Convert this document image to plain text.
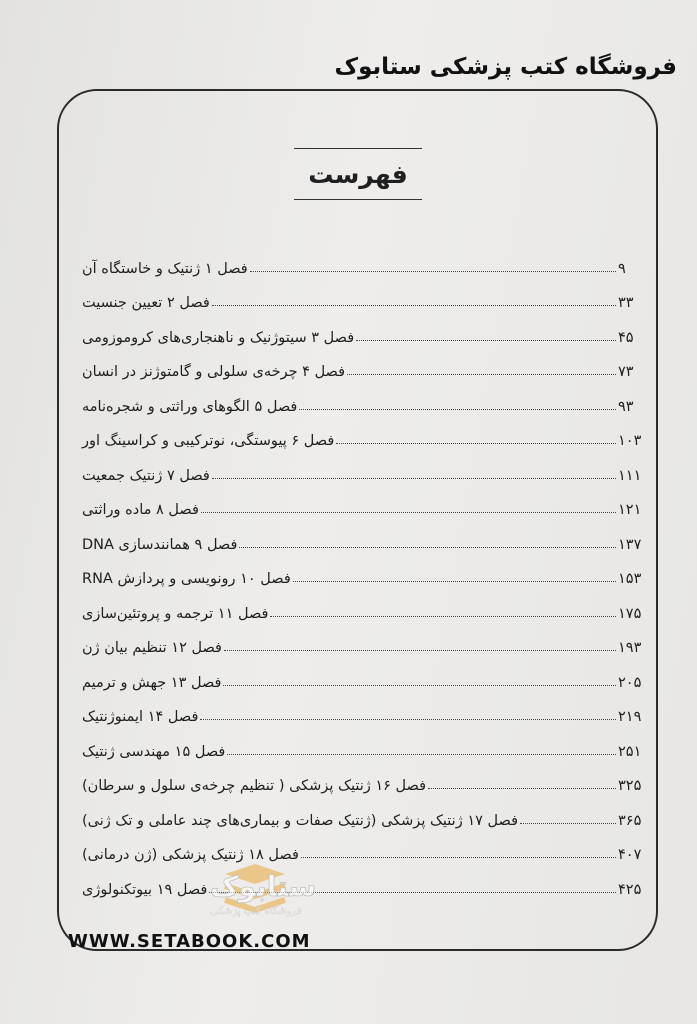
فروشگاه کتب پزشکی ستابوک
فهرست
فصل ۱ ژنتیک و خاستگاه آن	۹
فصل ۲ تعیین جنسیت	۳۳
فصل ۳ سیتوژنیک و ناهنجاری‌های کروموزومی	۴۵
فصل ۴ چرخه‌ی سلولی و گامتوژنز در انسان	۷۳
فصل ۵ الگوهای وراثتی و شجره‌نامه	۹۳
فصل ۶ پیوستگی، نوترکیبی و کراسینگ اور	۱۰۳
فصل ۷ ژنتیک جمعیت	۱۱۱
فصل ۸ ماده وراثتی	۱۲۱
فصل ۹ همانندسازی DNA	۱۳۷
فصل ۱۰ رونویسی و پردازش RNA	۱۵۳
فصل ۱۱ ترجمه و پروتئین‌سازی	۱۷۵
فصل ۱۲ تنظیم بیان ژن	۱۹۳
فصل ۱۳ جهش و ترمیم	۲۰۵
فصل ۱۴ ایمنوژنتیک	۲۱۹
فصل ۱۵ مهندسی ژنتیک	۲۵۱
فصل ۱۶ ژنتیک پزشکی ( تنظیم چرخه‌ی سلول و سرطان)	۳۲۵
فصل ۱۷ ژنتیک پزشکی (ژنتیک صفات و بیماری‌های چند عاملی و تک ژنی)	۳۶۵
فصل ۱۸ ژنتیک پزشکی (ژن درمانی)	۴۰۷
فصل ۱۹ بیوتکنولوژی	۴۲۵
ستابوک
فروشگاه کتب پزشکی
WWW.SETABOOK.COM
